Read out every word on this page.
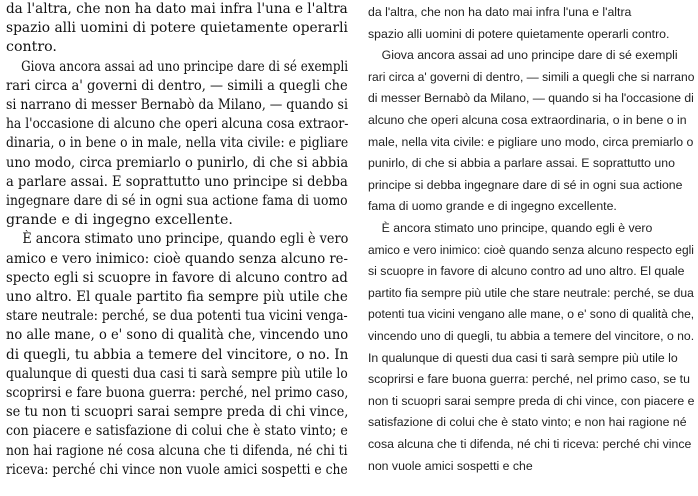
da l'altra, che non ha dato mai infra l'una e l'altra
spazio alli uomini di potere quietamente operarli
contro.
Giova ancora assai ad uno principe dare di sé exempli
rari circa a' governi di dentro, — simili a quegli che
si narrano di messer Bernabò da Milano, — quando si
ha l'occasione di alcuno che operi alcuna cosa extraor-
dinaria, o in bene o in male, nella vita civile: e pigliare
uno modo, circa premiarlo o punirlo, di che si abbia
a parlare assai. E soprattutto uno principe si debba
ingegnare dare di sé in ogni sua actione fama di uomo
grande e di ingegno excellente.
È ancora stimato uno principe, quando egli è vero
amico e vero inimico: cioè quando senza alcuno re-
specto egli si scuopre in favore di alcuno contro ad
uno altro. El quale partito fia sempre più utile che
stare neutrale: perché, se dua potenti tua vicini venga-
no alle mane, o e' sono di qualità che, vincendo uno
di quegli, tu abbia a temere del vincitore, o no. In
qualunque di questi dua casi ti sarà sempre più utile lo
scoprirsi e fare buona guerra: perché, nel primo caso,
se tu non ti scuopri sarai sempre preda di chi vince,
con piacere e satisfazione di colui che è stato vinto; e
non hai ragione né cosa alcuna che ti difenda, né chi ti
riceva: perché chi vince non vuole amici sospetti e che
da l'altra, che non ha dato mai infra l'una e l'altra
spazio alli uomini di potere quietamente operarli contro.
Giova ancora assai ad uno principe dare di sé exempli
rari circa a' governi di dentro, — simili a quegli che si narrano
di messer Bernabò da Milano, — quando si ha l'occasione di
alcuno che operi alcuna cosa extraordinaria, o in bene o in
male, nella vita civile: e pigliare uno modo, circa premiarlo o
punirlo, di che si abbia a parlare assai. E soprattutto uno
principe si debba ingegnare dare di sé in ogni sua actione
fama di uomo grande e di ingegno excellente.
È ancora stimato uno principe, quando egli è vero
amico e vero inimico: cioè quando senza alcuno respecto egli
si scuopre in favore di alcuno contro ad uno altro. El quale
partito fia sempre più utile che stare neutrale: perché, se dua
potenti tua vicini vengano alle mane, o e' sono di qualità che,
vincendo uno di quegli, tu abbia a temere del vincitore, o no.
In qualunque di questi dua casi ti sarà sempre più utile lo
scoprirsi e fare buona guerra: perché, nel primo caso, se tu
non ti scuopri sarai sempre preda di chi vince, con piacere e
satisfazione di colui che è stato vinto; e non hai ragione né
cosa alcuna che ti difenda, né chi ti riceva: perché chi vince
non vuole amici sospetti e che
